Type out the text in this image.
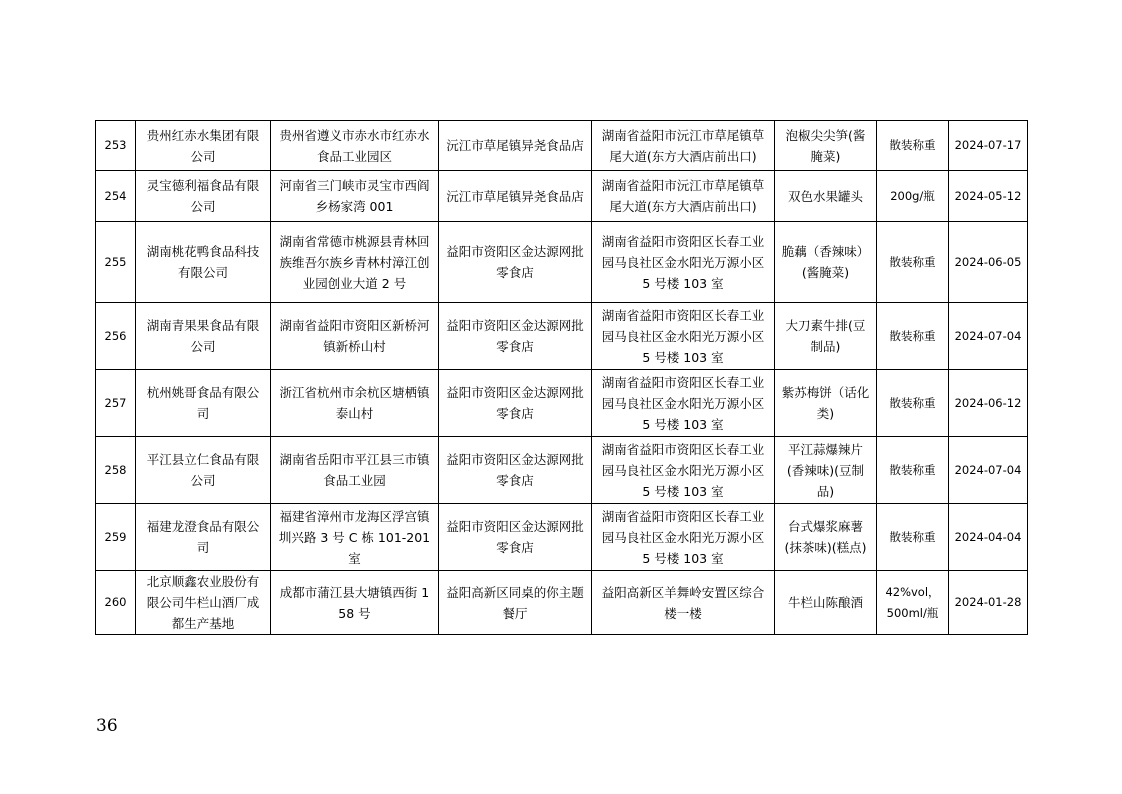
253	贵州红赤水集团有限公司	贵州省遵义市赤水市红赤水食品工业园区	沅江市草尾镇异尧食品店	湖南省益阳市沅江市草尾镇草尾大道(东方大酒店前出口)	泡椒尖尖笋(酱腌菜)	散装称重	2024-07-17
254	灵宝德利福食品有限公司	河南省三门峡市灵宝市西阎乡杨家湾 001	沅江市草尾镇异尧食品店	湖南省益阳市沅江市草尾镇草尾大道(东方大酒店前出口)	双色水果罐头	200g/瓶	2024-05-12
255	湖南桃花鸭食品科技有限公司	湖南省常德市桃源县青林回族维吾尔族乡青林村漳江创业园创业大道 2 号	益阳市资阳区金达源网批零食店	湖南省益阳市资阳区长春工业园马良社区金水阳光万源小区 5 号楼 103 室	脆藕（香辣味）(酱腌菜)	散装称重	2024-06-05
256	湖南青果果食品有限公司	湖南省益阳市资阳区新桥河镇新桥山村	益阳市资阳区金达源网批零食店	湖南省益阳市资阳区长春工业园马良社区金水阳光万源小区 5 号楼 103 室	大刀素牛排(豆制品)	散装称重	2024-07-04
257	杭州姚哥食品有限公司	浙江省杭州市余杭区塘栖镇泰山村	益阳市资阳区金达源网批零食店	湖南省益阳市资阳区长春工业园马良社区金水阳光万源小区 5 号楼 103 室	紫苏梅饼（话化类)	散装称重	2024-06-12
258	平江县立仁食品有限公司	湖南省岳阳市平江县三市镇食品工业园	益阳市资阳区金达源网批零食店	湖南省益阳市资阳区长春工业园马良社区金水阳光万源小区 5 号楼 103 室	平江蒜爆辣片(香辣味)(豆制品)	散装称重	2024-07-04
259	福建龙澄食品有限公司	福建省漳州市龙海区浮宫镇圳兴路 3 号 C 栋 101-201 室	益阳市资阳区金达源网批零食店	湖南省益阳市资阳区长春工业园马良社区金水阳光万源小区 5 号楼 103 室	台式爆浆麻薯(抹茶味)(糕点)	散装称重	2024-04-04
260	北京顺鑫农业股份有限公司牛栏山酒厂成都生产基地	成都市蒲江县大塘镇西街 158 号	益阳高新区同桌的你主题餐厅	益阳高新区羊舞岭安置区综合楼一楼	牛栏山陈酿酒	42%vol，500ml/瓶	2024-01-28
36
